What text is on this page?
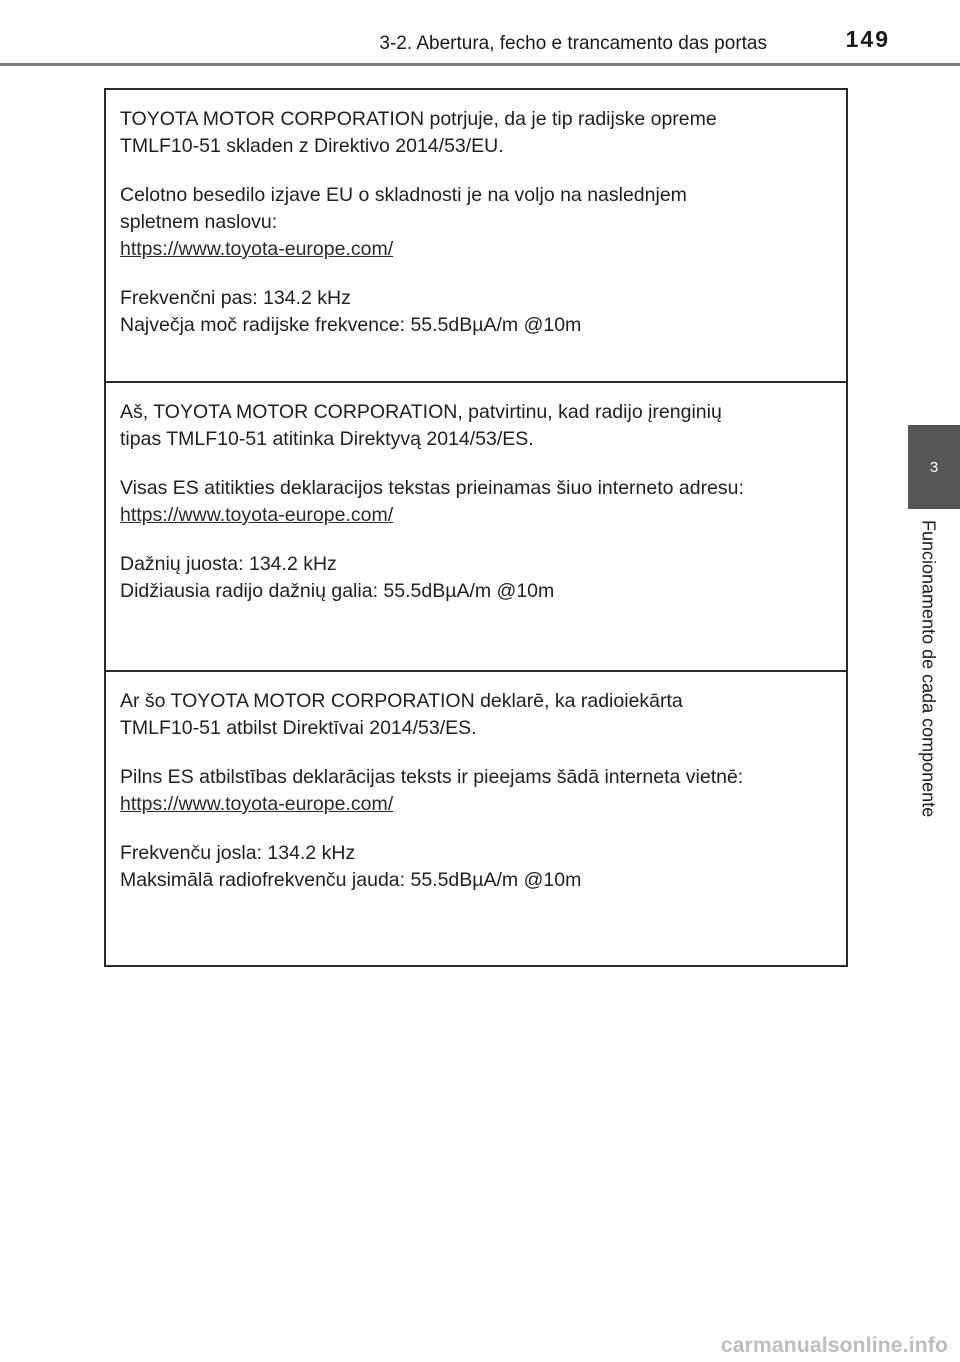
3-2. Abertura, fecho e trancamento das portas	149
3
Funcionamento de cada componente

TOYOTA MOTOR CORPORATION potrjuje, da je tip radijske opreme

TMLF10-51 skladen z Direktivo 2014/53/EU.

Celotno besedilo izjave EU o skladnosti je na voljo na naslednjem

spletnem naslovu:

https://www.toyota-europe.com/

Frekvenčni pas: 134.2 kHz

Največja moč radijske frekvence: 55.5dBµA/m @10m

Aš, TOYOTA MOTOR CORPORATION, patvirtinu, kad radijo įrenginių

tipas TMLF10-51 atitinka Direktyvą 2014/53/ES.

Visas ES atitikties deklaracijos tekstas prieinamas šiuo interneto adresu:

https://www.toyota-europe.com/

Dažnių juosta: 134.2 kHz

Didžiausia radijo dažnių galia: 55.5dBµA/m @10m

Ar šo TOYOTA MOTOR CORPORATION deklarē, ka radioiekārta

TMLF10-51 atbilst Direktīvai 2014/53/ES.

Pilns ES atbilstības deklarācijas teksts ir pieejams šādā interneta vietnē:

https://www.toyota-europe.com/

Frekvenču josla: 134.2 kHz

Maksimālā radiofrekvenču jauda: 55.5dBµA/m @10m

carmanualsonline.info
